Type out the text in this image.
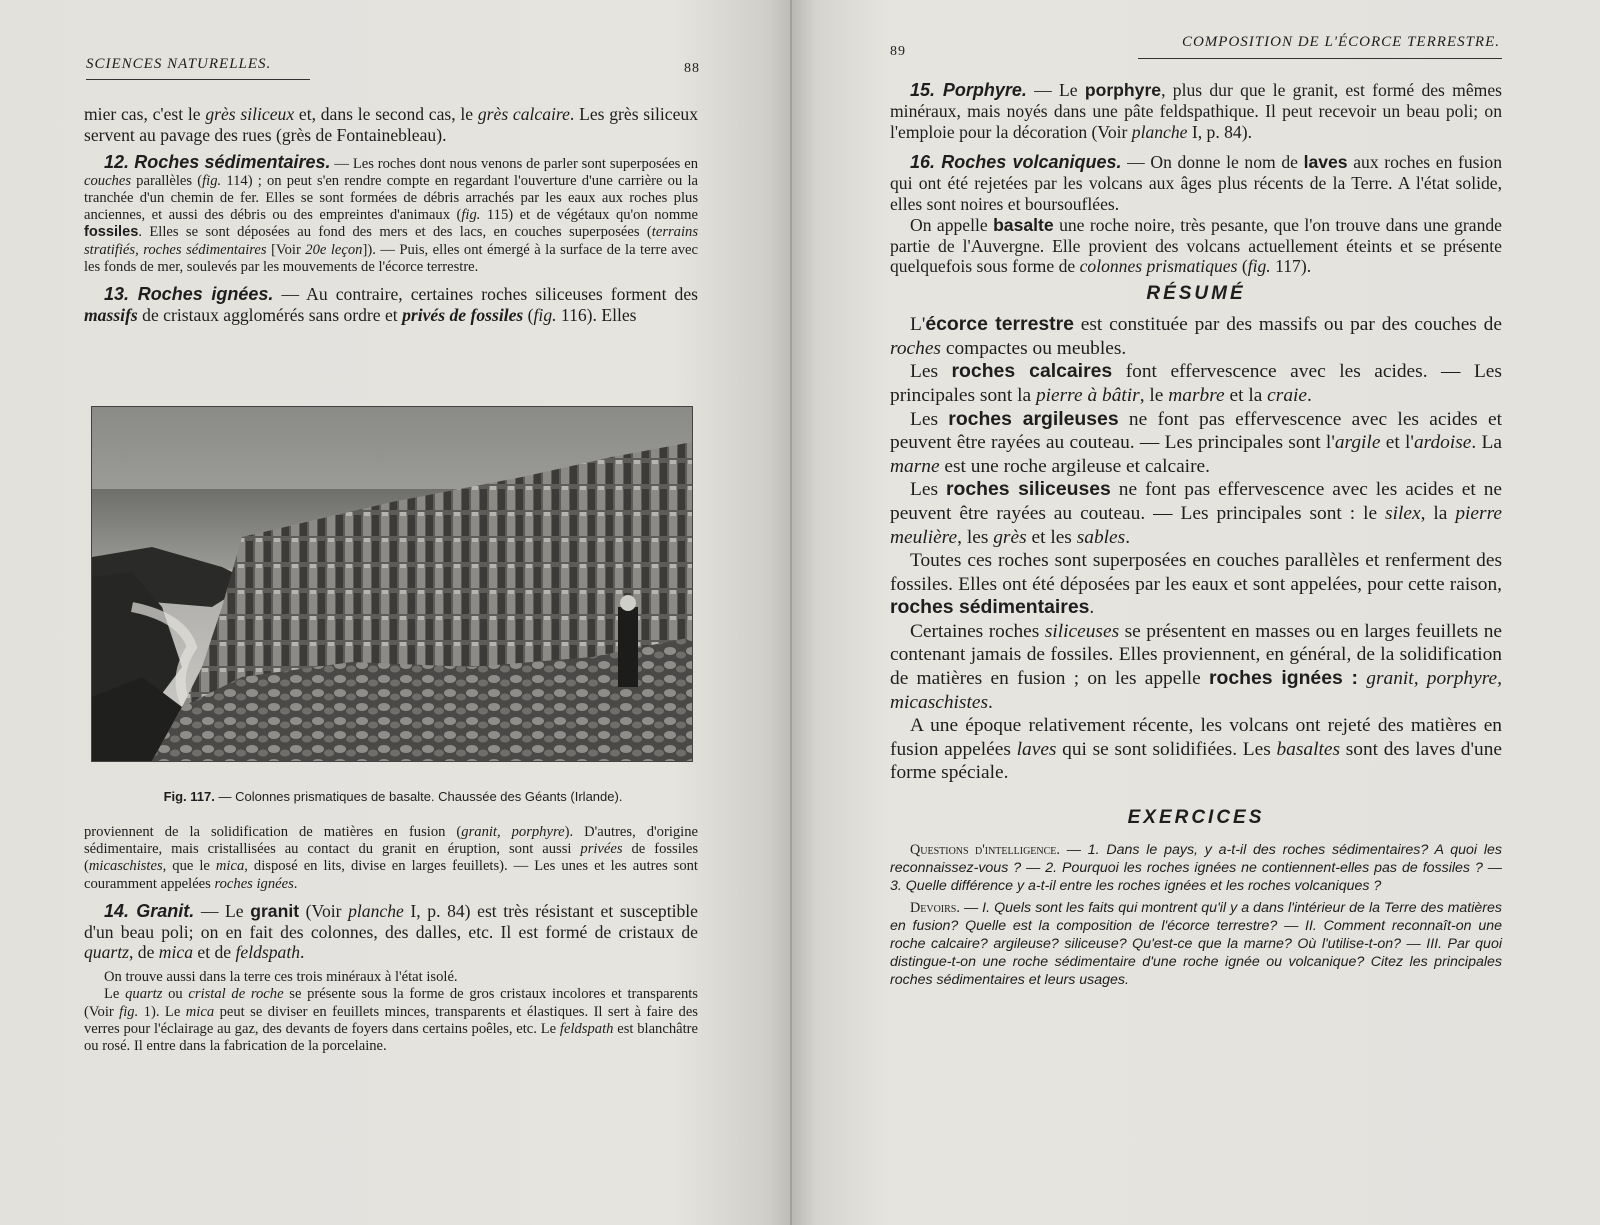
SCIENCES NATURELLES.	88

mier cas, c'est le grès siliceux et, dans le second cas, le grès calcaire. Les grès siliceux servent au pavage des rues (grès de Fontainebleau).

12. Roches sédimentaires. — Les roches dont nous venons de parler sont superposées en couches parallèles (fig. 114) ; on peut s'en rendre compte en regardant l'ouverture d'une carrière ou la tranchée d'un chemin de fer. Elles se sont formées de débris arrachés par les eaux aux roches plus anciennes, et aussi des débris ou des empreintes d'animaux (fig. 115) et de végétaux qu'on nomme fossiles. Elles se sont déposées au fond des mers et des lacs, en couches superposées (terrains stratifiés, roches sédimentaires [Voir 20e leçon]). — Puis, elles ont émergé à la surface de la terre avec les fonds de mer, soulevés par les mouvements de l'écorce terrestre.

13. Roches ignées. — Au contraire, certaines roches siliceuses forment des massifs de cristaux agglomérés sans ordre et privés de fossiles (fig. 116). Elles

Fig. 117. — Colonnes prismatiques de basalte. Chaussée des Géants (Irlande).

proviennent de la solidification de matières en fusion (granit, porphyre). D'autres, d'origine sédimentaire, mais cristallisées au contact du granit en éruption, sont aussi privées de fossiles (micaschistes, que le mica, disposé en lits, divise en larges feuillets). — Les unes et les autres sont couramment appelées roches ignées.

14. Granit. — Le granit (Voir planche I, p. 84) est très résistant et susceptible d'un beau poli; on en fait des colonnes, des dalles, etc. Il est formé de cristaux de quartz, de mica et de feldspath.

On trouve aussi dans la terre ces trois minéraux à l'état isolé.

Le quartz ou cristal de roche se présente sous la forme de gros cristaux incolores et transparents (Voir fig. 1). Le mica peut se diviser en feuillets minces, transparents et élastiques. Il sert à faire des verres pour l'éclairage au gaz, des devants de foyers dans certains poêles, etc. Le feldspath est blanchâtre ou rosé. Il entre dans la fabrication de la porcelaine.

89
COMPOSITION DE L'ÉCORCE TERRESTRE.

15. Porphyre. — Le porphyre, plus dur que le granit, est formé des mêmes minéraux, mais noyés dans une pâte feldspathique. Il peut recevoir un beau poli; on l'emploie pour la décoration (Voir planche I, p. 84).

16. Roches volcaniques. — On donne le nom de laves aux roches en fusion qui ont été rejetées par les volcans aux âges plus récents de la Terre. A l'état solide, elles sont noires et boursouflées.

On appelle basalte une roche noire, très pesante, que l'on trouve dans une grande partie de l'Auvergne. Elle provient des volcans actuellement éteints et se présente quelquefois sous forme de colonnes prismatiques (fig. 117).

RÉSUMÉ

L'écorce terrestre est constituée par des massifs ou par des couches de roches compactes ou meubles.

Les roches calcaires font effervescence avec les acides. — Les principales sont la pierre à bâtir, le marbre et la craie.

Les roches argileuses ne font pas effervescence avec les acides et peuvent être rayées au couteau. — Les principales sont l'argile et l'ardoise. La marne est une roche argileuse et calcaire.

Les roches siliceuses ne font pas effervescence avec les acides et ne peuvent être rayées au couteau. — Les principales sont : le silex, la pierre meulière, les grès et les sables.

Toutes ces roches sont superposées en couches parallèles et renferment des fossiles. Elles ont été déposées par les eaux et sont appelées, pour cette raison, roches sédimentaires.

Certaines roches siliceuses se présentent en masses ou en larges feuillets ne contenant jamais de fossiles. Elles proviennent, en général, de la solidification de matières en fusion ; on les appelle roches ignées : granit, porphyre, micaschistes.

A une époque relativement récente, les volcans ont rejeté des matières en fusion appelées laves qui se sont solidifiées. Les basaltes sont des laves d'une forme spéciale.

EXERCICES

Questions d'intelligence. — 1. Dans le pays, y a-t-il des roches sédimentaires? A quoi les reconnaissez-vous ? — 2. Pourquoi les roches ignées ne contiennent-elles pas de fossiles ? — 3. Quelle différence y a-t-il entre les roches ignées et les roches volcaniques ?

Devoirs. — I. Quels sont les faits qui montrent qu'il y a dans l'intérieur de la Terre des matières en fusion? Quelle est la composition de l'écorce terrestre? — II. Comment reconnaît-on une roche calcaire? argileuse? siliceuse? Qu'est-ce que la marne? Où l'utilise-t-on? — III. Par quoi distingue-t-on une roche sédimentaire d'une roche ignée ou volcanique? Citez les principales roches sédimentaires et leurs usages.
